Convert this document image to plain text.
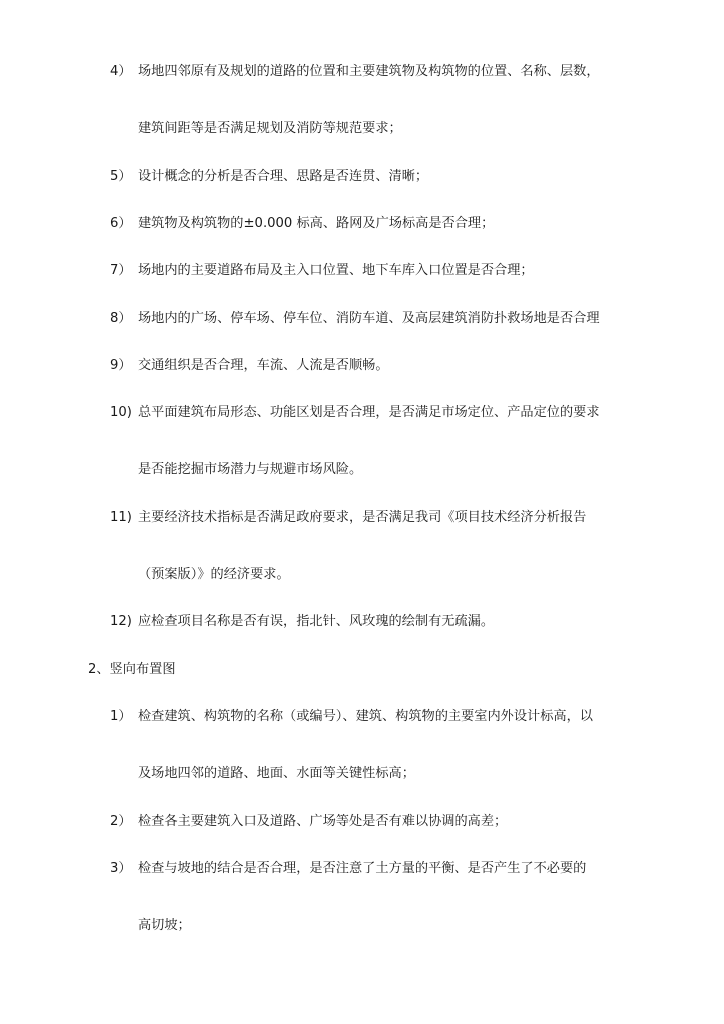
4） 场地四邻原有及规划的道路的位置和主要建筑物及构筑物的位置、名称、层数，
建筑间距等是否满足规划及消防等规范要求；
5） 设计概念的分析是否合理、思路是否连贯、清晰；
6） 建筑物及构筑物的±0.000 标高、路网及广场标高是否合理；
7） 场地内的主要道路布局及主入口位置、地下车库入口位置是否合理；
8） 场地内的广场、停车场、停车位、消防车道、及高层建筑消防扑救场地是否合理
9） 交通组织是否合理，车流、人流是否顺畅。
10) 总平面建筑布局形态、功能区划是否合理，是否满足市场定位、产品定位的要求
是否能挖掘市场潜力与规避市场风险。
11) 主要经济技术指标是否满足政府要求，是否满足我司《项目技术经济分析报告
（预案版）》的经济要求。
12) 应检查项目名称是否有误，指北针、风玫瑰的绘制有无疏漏。
2、竖向布置图
1） 检查建筑、构筑物的名称（或编号）、建筑、构筑物的主要室内外设计标高，以
及场地四邻的道路、地面、水面等关键性标高；
2） 检查各主要建筑入口及道路、广场等处是否有难以协调的高差；
3） 检查与坡地的结合是否合理，是否注意了土方量的平衡、是否产生了不必要的
高切坡；
